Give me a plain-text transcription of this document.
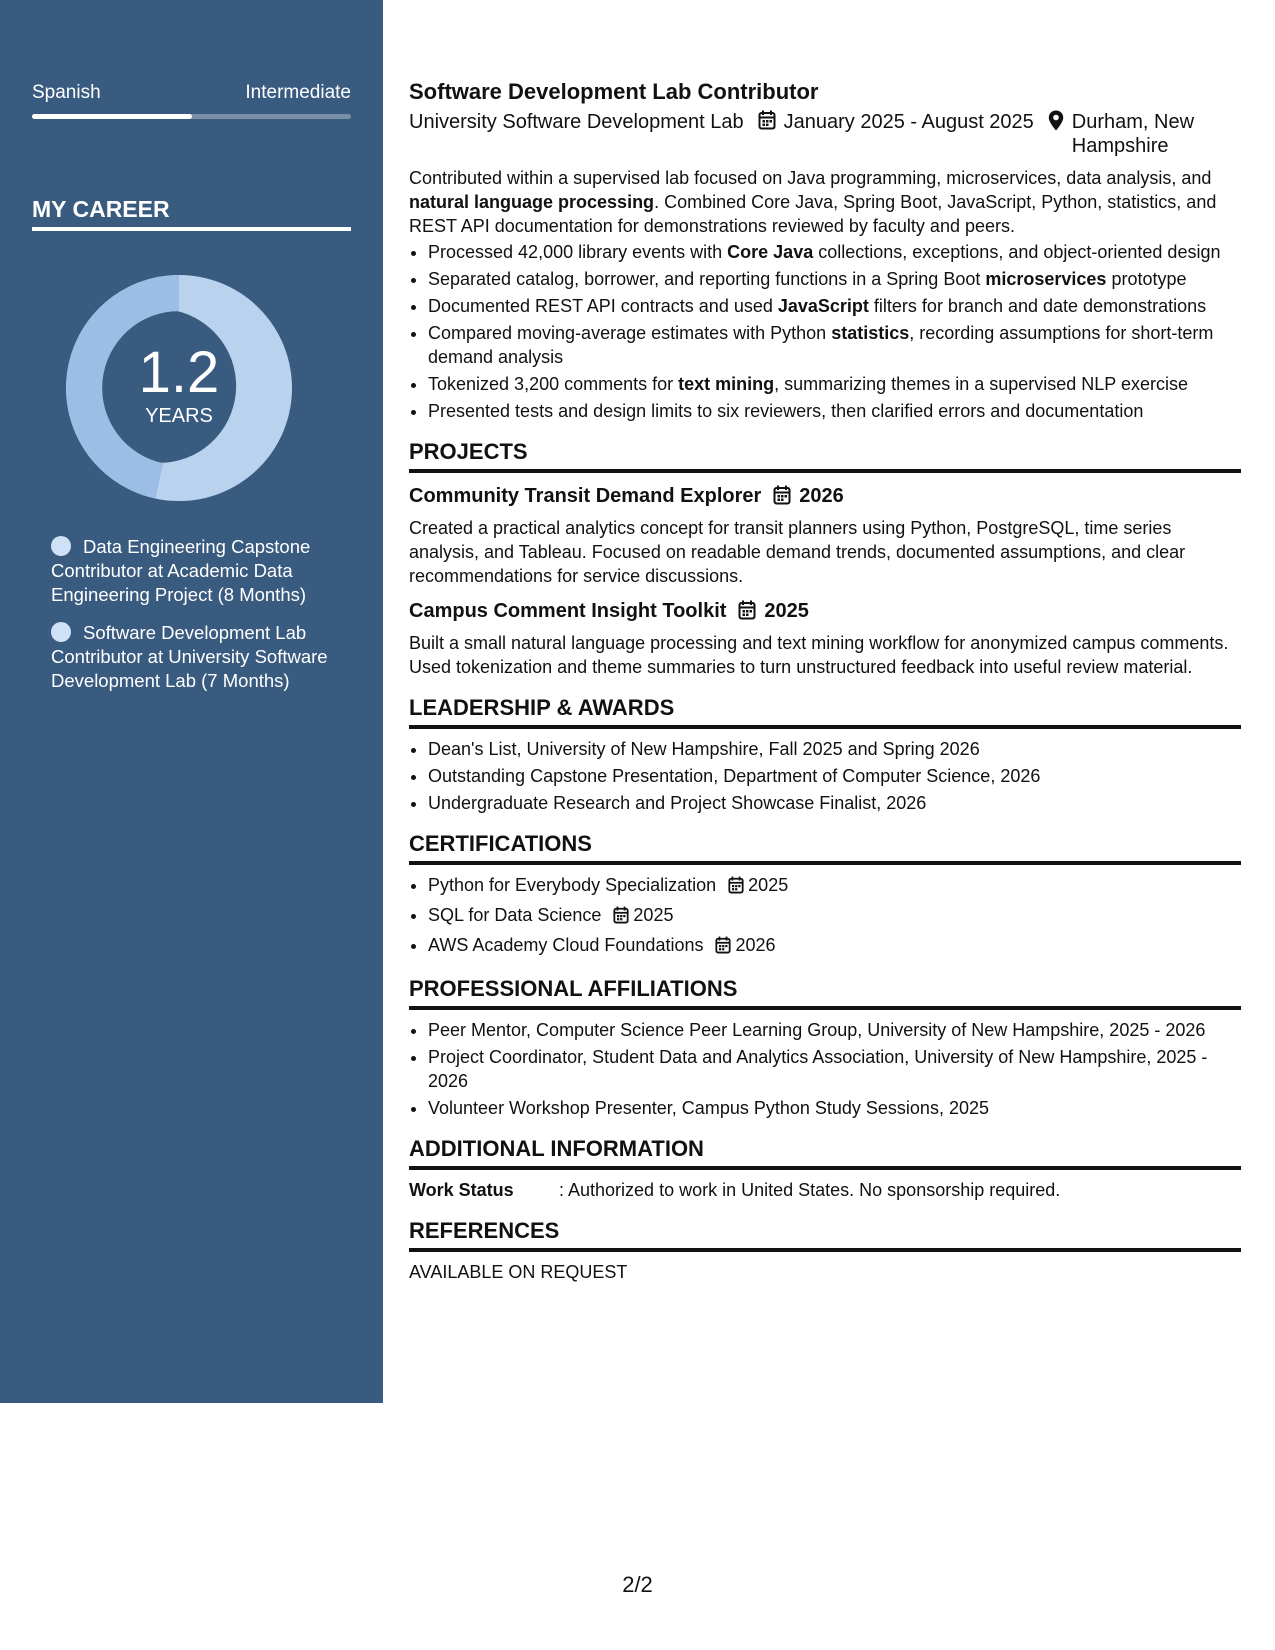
Spanish	Intermediate
MY CAREER
1.2
YEARS
Data Engineering Capstone Contributor at Academic Data Engineering Project (8 Months)
Software Development Lab Contributor at University Software Development Lab (7 Months)
Software Development Lab Contributor
University Software Development Lab January 2025 - August 2025 Durham, New Hampshire

Contributed within a supervised lab focused on Java programming, microservices, data analysis, and natural language processing. Combined Core Java, Spring Boot, JavaScript, Python, statistics, and REST API documentation for demonstrations reviewed by faculty and peers.

• Processed 42,000 library events with Core Java collections, exceptions, and object-oriented design
• Separated catalog, borrower, and reporting functions in a Spring Boot microservices prototype
• Documented REST API contracts and used JavaScript filters for branch and date demonstrations
• Compared moving-average estimates with Python statistics, recording assumptions for short-term demand analysis
• Tokenized 3,200 comments for text mining, summarizing themes in a supervised NLP exercise
• Presented tests and design limits to six reviewers, then clarified errors and documentation
PROJECTS
Community Transit Demand Explorer 2026

Created a practical analytics concept for transit planners using Python, PostgreSQL, time series analysis, and Tableau. Focused on readable demand trends, documented assumptions, and clear recommendations for service discussions.

Campus Comment Insight Toolkit 2025

Built a small natural language processing and text mining workflow for anonymized campus comments. Used tokenization and theme summaries to turn unstructured feedback into useful review material.

LEADERSHIP & AWARDS
• Dean's List, University of New Hampshire, Fall 2025 and Spring 2026
• Outstanding Capstone Presentation, Department of Computer Science, 2026
• Undergraduate Research and Project Showcase Finalist, 2026
CERTIFICATIONS
• Python for Everybody Specialization 2025
• SQL for Data Science 2025
• AWS Academy Cloud Foundations 2026
PROFESSIONAL AFFILIATIONS
• Peer Mentor, Computer Science Peer Learning Group, University of New Hampshire, 2025 - 2026
• Project Coordinator, Student Data and Analytics Association, University of New Hampshire, 2025 - 2026
• Volunteer Workshop Presenter, Campus Python Study Sessions, 2025
ADDITIONAL INFORMATION
Work Status	: Authorized to work in United States. No sponsorship required.
REFERENCES
AVAILABLE ON REQUEST
2/2
